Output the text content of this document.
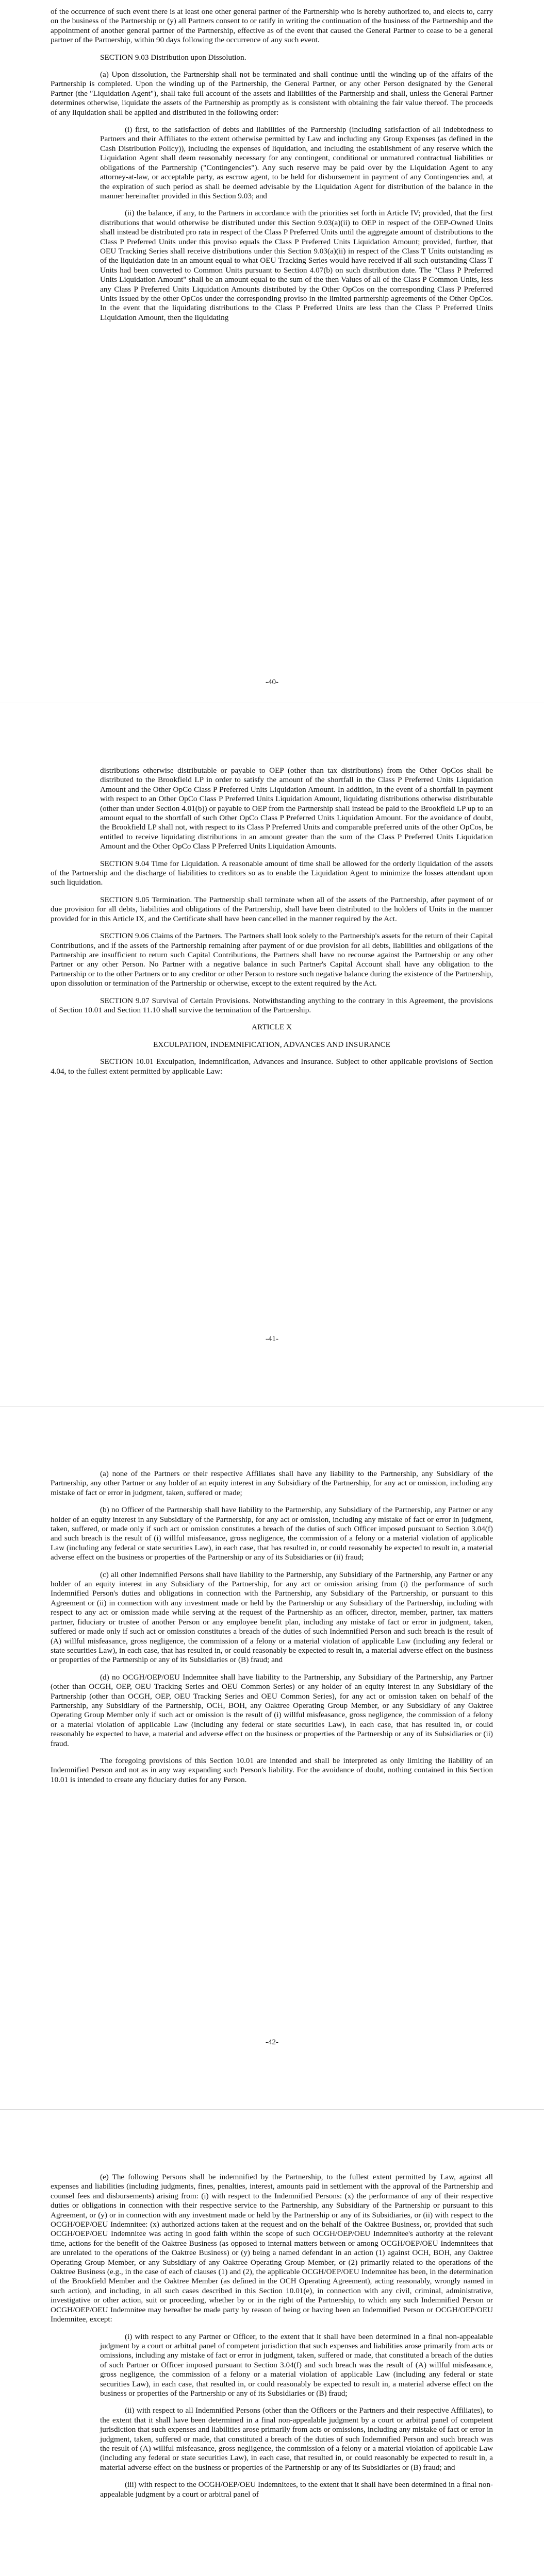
of the occurrence of such event there is at least one other general partner of the Partnership who is hereby authorized to, and elects to, carry on the business of the Partnership or (y) all Partners consent to or ratify in writing the continuation of the business of the Partnership and the appointment of another general partner of the Partnership, effective as of the event that caused the General Partner to cease to be a general partner of the Partnership, within 90 days following the occurrence of any such event.

SECTION 9.03 Distribution upon Dissolution.

(a) Upon dissolution, the Partnership shall not be terminated and shall continue until the winding up of the affairs of the Partnership is completed. Upon the winding up of the Partnership, the General Partner, or any other Person designated by the General Partner (the "Liquidation Agent"), shall take full account of the assets and liabilities of the Partnership and shall, unless the General Partner determines otherwise, liquidate the assets of the Partnership as promptly as is consistent with obtaining the fair value thereof. The proceeds of any liquidation shall be applied and distributed in the following order:

(i) first, to the satisfaction of debts and liabilities of the Partnership (including satisfaction of all indebtedness to Partners and their Affiliates to the extent otherwise permitted by Law and including any Group Expenses (as defined in the Cash Distribution Policy)), including the expenses of liquidation, and including the establishment of any reserve which the Liquidation Agent shall deem reasonably necessary for any contingent, conditional or unmatured contractual liabilities or obligations of the Partnership ("Contingencies"). Any such reserve may be paid over by the Liquidation Agent to any attorney-at-law, or acceptable party, as escrow agent, to be held for disbursement in payment of any Contingencies and, at the expiration of such period as shall be deemed advisable by the Liquidation Agent for distribution of the balance in the manner hereinafter provided in this Section 9.03; and

(ii) the balance, if any, to the Partners in accordance with the priorities set forth in Article IV; provided, that the first distributions that would otherwise be distributed under this Section 9.03(a)(ii) to OEP in respect of the OEP-Owned Units shall instead be distributed pro rata in respect of the Class P Preferred Units until the aggregate amount of distributions to the Class P Preferred Units under this proviso equals the Class P Preferred Units Liquidation Amount; provided, further, that OEU Tracking Series shall receive distributions under this Section 9.03(a)(ii) in respect of the Class T Units outstanding as of the liquidation date in an amount equal to what OEU Tracking Series would have received if all such outstanding Class T Units had been converted to Common Units pursuant to Section 4.07(b) on such distribution date. The "Class P Preferred Units Liquidation Amount" shall be an amount equal to the sum of the then Values of all of the Class P Common Units, less any Class P Preferred Units Liquidation Amounts distributed by the Other OpCos on the corresponding Class P Preferred Units issued by the other OpCos under the corresponding proviso in the limited partnership agreements of the Other OpCos. In the event that the liquidating distributions to the Class P Preferred Units are less than the Class P Preferred Units Liquidation Amount, then the liquidating

-40-

distributions otherwise distributable or payable to OEP (other than tax distributions) from the Other OpCos shall be distributed to the Brookfield LP in order to satisfy the amount of the shortfall in the Class P Preferred Units Liquidation Amount and the Other OpCo Class P Preferred Units Liquidation Amount. In addition, in the event of a shortfall in payment with respect to an Other OpCo Class P Preferred Units Liquidation Amount, liquidating distributions otherwise distributable (other than under Section 4.01(b)) or payable to OEP from the Partnership shall instead be paid to the Brookfield LP up to an amount equal to the shortfall of such Other OpCo Class P Preferred Units Liquidation Amount. For the avoidance of doubt, the Brookfield LP shall not, with respect to its Class P Preferred Units and comparable preferred units of the other OpCos, be entitled to receive liquidating distributions in an amount greater than the sum of the Class P Preferred Units Liquidation Amount and the Other OpCo Class P Preferred Units Liquidation Amounts.

SECTION 9.04 Time for Liquidation. A reasonable amount of time shall be allowed for the orderly liquidation of the assets of the Partnership and the discharge of liabilities to creditors so as to enable the Liquidation Agent to minimize the losses attendant upon such liquidation.

SECTION 9.05 Termination. The Partnership shall terminate when all of the assets of the Partnership, after payment of or due provision for all debts, liabilities and obligations of the Partnership, shall have been distributed to the holders of Units in the manner provided for in this Article IX, and the Certificate shall have been cancelled in the manner required by the Act.

SECTION 9.06 Claims of the Partners. The Partners shall look solely to the Partnership's assets for the return of their Capital Contributions, and if the assets of the Partnership remaining after payment of or due provision for all debts, liabilities and obligations of the Partnership are insufficient to return such Capital Contributions, the Partners shall have no recourse against the Partnership or any other Partner or any other Person. No Partner with a negative balance in such Partner's Capital Account shall have any obligation to the Partnership or to the other Partners or to any creditor or other Person to restore such negative balance during the existence of the Partnership, upon dissolution or termination of the Partnership or otherwise, except to the extent required by the Act.

SECTION 9.07 Survival of Certain Provisions. Notwithstanding anything to the contrary in this Agreement, the provisions of Section 10.01 and Section 11.10 shall survive the termination of the Partnership.

ARTICLE X

EXCULPATION, INDEMNIFICATION, ADVANCES AND INSURANCE

SECTION 10.01 Exculpation, Indemnification, Advances and Insurance. Subject to other applicable provisions of Section 4.04, to the fullest extent permitted by applicable Law:

-41-

(a) none of the Partners or their respective Affiliates shall have any liability to the Partnership, any Subsidiary of the Partnership, any other Partner or any holder of an equity interest in any Subsidiary of the Partnership, for any act or omission, including any mistake of fact or error in judgment, taken, suffered or made;

(b) no Officer of the Partnership shall have liability to the Partnership, any Subsidiary of the Partnership, any Partner or any holder of an equity interest in any Subsidiary of the Partnership, for any act or omission, including any mistake of fact or error in judgment, taken, suffered, or made only if such act or omission constitutes a breach of the duties of such Officer imposed pursuant to Section 3.04(f) and such breach is the result of (i) willful misfeasance, gross negligence, the commission of a felony or a material violation of applicable Law (including any federal or state securities Law), in each case, that has resulted in, or could reasonably be expected to result in, a material adverse effect on the business or properties of the Partnership or any of its Subsidiaries or (ii) fraud;

(c) all other Indemnified Persons shall have liability to the Partnership, any Subsidiary of the Partnership, any Partner or any holder of an equity interest in any Subsidiary of the Partnership, for any act or omission arising from (i) the performance of such Indemnified Person's duties and obligations in connection with the Partnership, any Subsidiary of the Partnership, or pursuant to this Agreement or (ii) in connection with any investment made or held by the Partnership or any Subsidiary of the Partnership, including with respect to any act or omission made while serving at the request of the Partnership as an officer, director, member, partner, tax matters partner, fiduciary or trustee of another Person or any employee benefit plan, including any mistake of fact or error in judgment, taken, suffered or made only if such act or omission constitutes a breach of the duties of such Indemnified Person and such breach is the result of (A) willful misfeasance, gross negligence, the commission of a felony or a material violation of applicable Law (including any federal or state securities Law), in each case, that has resulted in, or could reasonably be expected to result in, a material adverse effect on the business or properties of the Partnership or any of its Subsidiaries or (B) fraud; and

(d) no OCGH/OEP/OEU Indemnitee shall have liability to the Partnership, any Subsidiary of the Partnership, any Partner (other than OCGH, OEP, OEU Tracking Series and OEU Common Series) or any holder of an equity interest in any Subsidiary of the Partnership (other than OCGH, OEP, OEU Tracking Series and OEU Common Series), for any act or omission taken on behalf of the Partnership, any Subsidiary of the Partnership, OCH, BOH, any Oaktree Operating Group Member, or any Subsidiary of any Oaktree Operating Group Member only if such act or omission is the result of (i) willful misfeasance, gross negligence, the commission of a felony or a material violation of applicable Law (including any federal or state securities Law), in each case, that has resulted in, or could reasonably be expected to have, a material and adverse effect on the business or properties of the Partnership or any of its Subsidiaries or (ii) fraud.

The foregoing provisions of this Section 10.01 are intended and shall be interpreted as only limiting the liability of an Indemnified Person and not as in any way expanding such Person's liability. For the avoidance of doubt, nothing contained in this Section 10.01 is intended to create any fiduciary duties for any Person.

-42-

(e) The following Persons shall be indemnified by the Partnership, to the fullest extent permitted by Law, against all expenses and liabilities (including judgments, fines, penalties, interest, amounts paid in settlement with the approval of the Partnership and counsel fees and disbursements) arising from: (i) with respect to the Indemnified Persons: (x) the performance of any of their respective duties or obligations in connection with their respective service to the Partnership, any Subsidiary of the Partnership or pursuant to this Agreement, or (y) or in connection with any investment made or held by the Partnership or any of its Subsidiaries, or (ii) with respect to the OCGH/OEP/OEU Indemnitee: (x) authorized actions taken at the request and on the behalf of the Oaktree Business, or, provided that such OCGH/OEP/OEU Indemnitee was acting in good faith within the scope of such OCGH/OEP/OEU Indemnitee's authority at the relevant time, actions for the benefit of the Oaktree Business (as opposed to internal matters between or among OCGH/OEP/OEU Indemnitees that are unrelated to the operations of the Oaktree Business) or (y) being a named defendant in an action (1) against OCH, BOH, any Oaktree Operating Group Member, or any Subsidiary of any Oaktree Operating Group Member, or (2) primarily related to the operations of the Oaktree Business (e.g., in the case of each of clauses (1) and (2), the applicable OCGH/OEP/OEU Indemnitee has been, in the determination of the Brookfield Member and the Oaktree Member (as defined in the OCH Operating Agreement), acting reasonably, wrongly named in such action), and including, in all such cases described in this Section 10.01(e), in connection with any civil, criminal, administrative, investigative or other action, suit or proceeding, whether by or in the right of the Partnership, to which any such Indemnified Person or OCGH/OEP/OEU Indemnitee may hereafter be made party by reason of being or having been an Indemnified Person or OCGH/OEP/OEU Indemnitee, except:

(i) with respect to any Partner or Officer, to the extent that it shall have been determined in a final non-appealable judgment by a court or arbitral panel of competent jurisdiction that such expenses and liabilities arose primarily from acts or omissions, including any mistake of fact or error in judgment, taken, suffered or made, that constituted a breach of the duties of such Partner or Officer imposed pursuant to Section 3.04(f) and such breach was the result of (A) willful misfeasance, gross negligence, the commission of a felony or a material violation of applicable Law (including any federal or state securities Law), in each case, that resulted in, or could reasonably be expected to result in, a material adverse effect on the business or properties of the Partnership or any of its Subsidiaries or (B) fraud;

(ii) with respect to all Indemnified Persons (other than the Officers or the Partners and their respective Affiliates), to the extent that it shall have been determined in a final non-appealable judgment by a court or arbitral panel of competent jurisdiction that such expenses and liabilities arose primarily from acts or omissions, including any mistake of fact or error in judgment, taken, suffered or made, that constituted a breach of the duties of such Indemnified Person and such breach was the result of (A) willful misfeasance, gross negligence, the commission of a felony or a material violation of applicable Law (including any federal or state securities Law), in each case, that resulted in, or could reasonably be expected to result in, a material adverse effect on the business or properties of the Partnership or any of its Subsidiaries or (B) fraud; and

(iii) with respect to the OCGH/OEP/OEU Indemnitees, to the extent that it shall have been determined in a final non-appealable judgment by a court or arbitral panel of
